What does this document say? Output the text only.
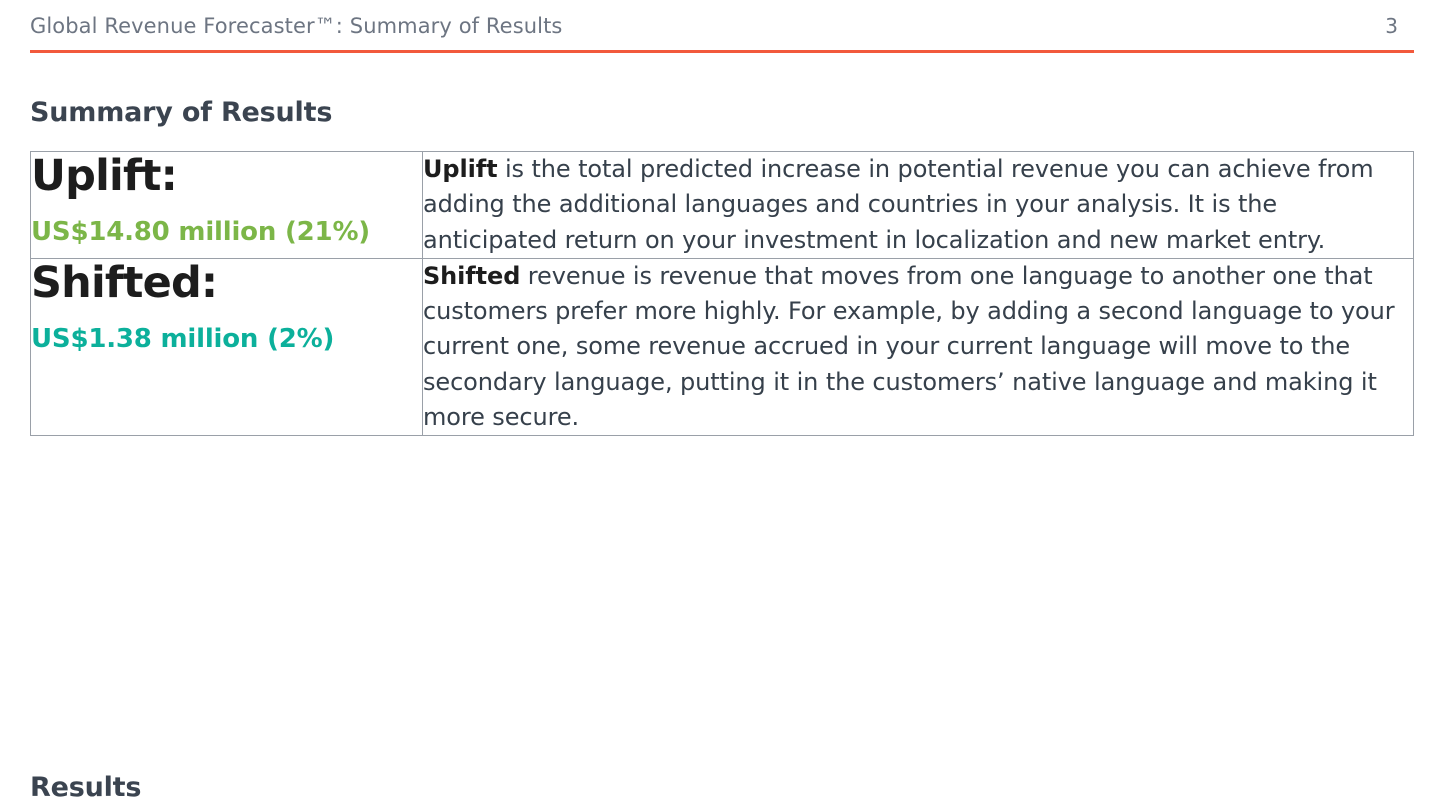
Global Revenue Forecaster™: Summary of Results	3
Summary of Results
Uplift:
US$14.80 million (21%)	Uplift is the total predicted increase in potential revenue you can achieve from adding the additional languages and countries in your analysis. It is the anticipated return on your investment in localization and new market entry.

Shifted:
US$1.38 million (2%)	Shifted revenue is revenue that moves from one language to another one that customers prefer more highly. For example, by adding a second language to your current one, some revenue accrued in your current language will move to the secondary language, putting it in the customers’ native language and making it more secure.
Results
